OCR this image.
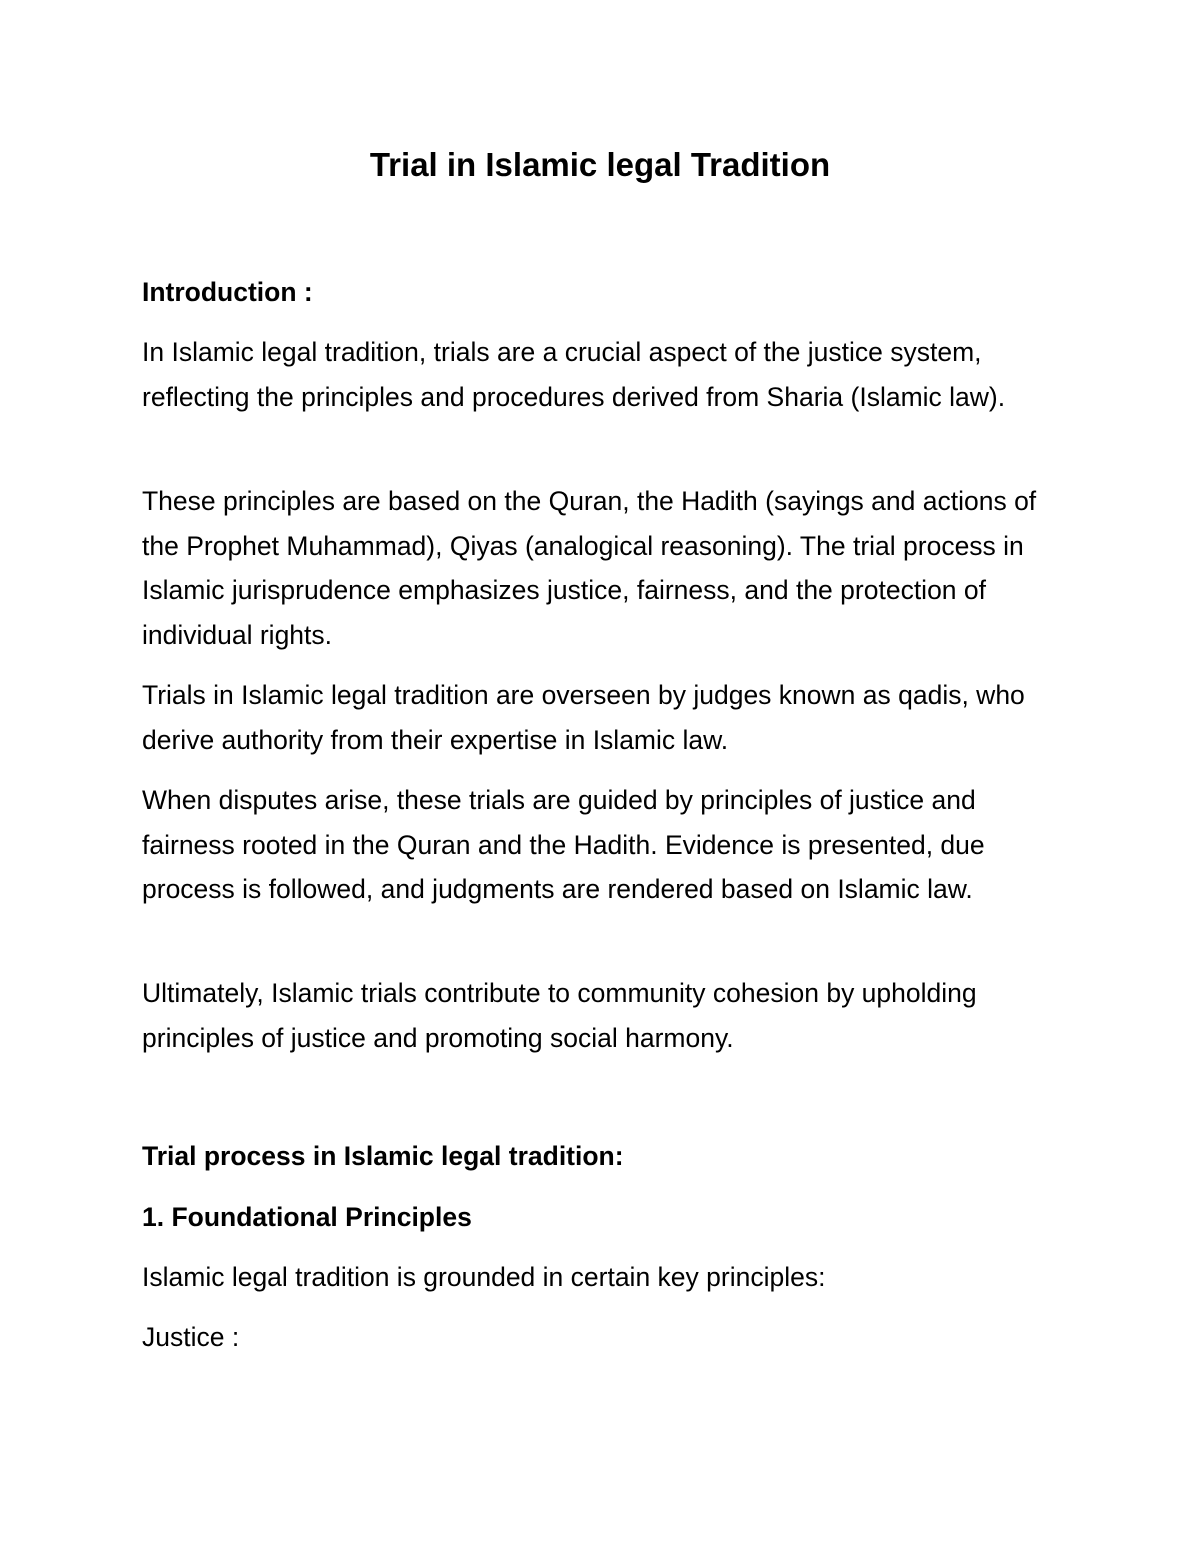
Trial in Islamic legal Tradition

Introduction :

In Islamic legal tradition, trials are a crucial aspect of the justice system, reflecting the principles and procedures derived from Sharia (Islamic law).

These principles are based on the Quran, the Hadith (sayings and actions of the Prophet Muhammad), Qiyas (analogical reasoning). The trial process in Islamic jurisprudence emphasizes justice, fairness, and the protection of individual rights.

Trials in Islamic legal tradition are overseen by judges known as qadis, who derive authority from their expertise in Islamic law.

When disputes arise, these trials are guided by principles of justice and fairness rooted in the Quran and the Hadith. Evidence is presented, due process is followed, and judgments are rendered based on Islamic law.

Ultimately, Islamic trials contribute to community cohesion by upholding principles of justice and promoting social harmony.

Trial process in Islamic legal tradition:

1. Foundational Principles

Islamic legal tradition is grounded in certain key principles:

Justice :
